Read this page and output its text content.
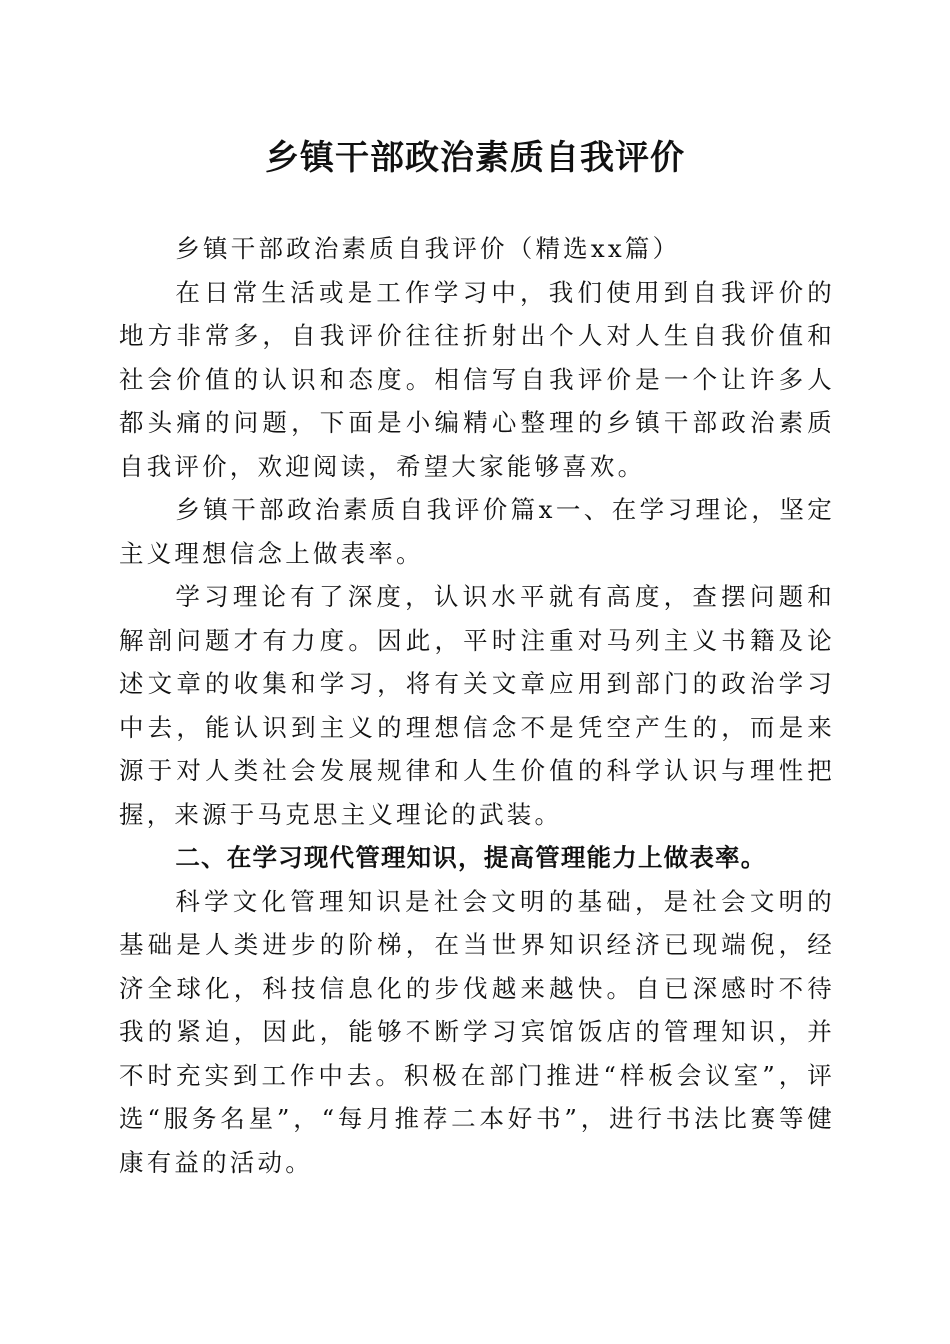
乡镇干部政治素质自我评价

乡镇干部政治素质自我评价（精选xx篇）

在日常生活或是工作学习中，我们使用到自我评价的地方非常多，自我评价往往折射出个人对人生自我价值和社会价值的认识和态度。相信写自我评价是一个让许多人都头痛的问题，下面是小编精心整理的乡镇干部政治素质自我评价，欢迎阅读，希望大家能够喜欢。

乡镇干部政治素质自我评价篇x一、在学习理论，坚定主义理想信念上做表率。

学习理论有了深度，认识水平就有高度，查摆问题和解剖问题才有力度。因此，平时注重对马列主义书籍及论述文章的收集和学习，将有关文章应用到部门的政治学习中去，能认识到主义的理想信念不是凭空产生的，而是来源于对人类社会发展规律和人生价值的科学认识与理性把握，来源于马克思主义理论的武装。

二、在学习现代管理知识，提高管理能力上做表率。

科学文化管理知识是社会文明的基础，是社会文明的基础是人类进步的阶梯，在当世界知识经济已现端倪，经济全球化，科技信息化的步伐越来越快。自已深感时不待我的紧迫，因此，能够不断学习宾馆饭店的管理知识，并不时充实到工作中去。积极在部门推进“样板会议室”，评选“服务名星”，“每月推荐二本好书”，进行书法比赛等健康有益的活动。
